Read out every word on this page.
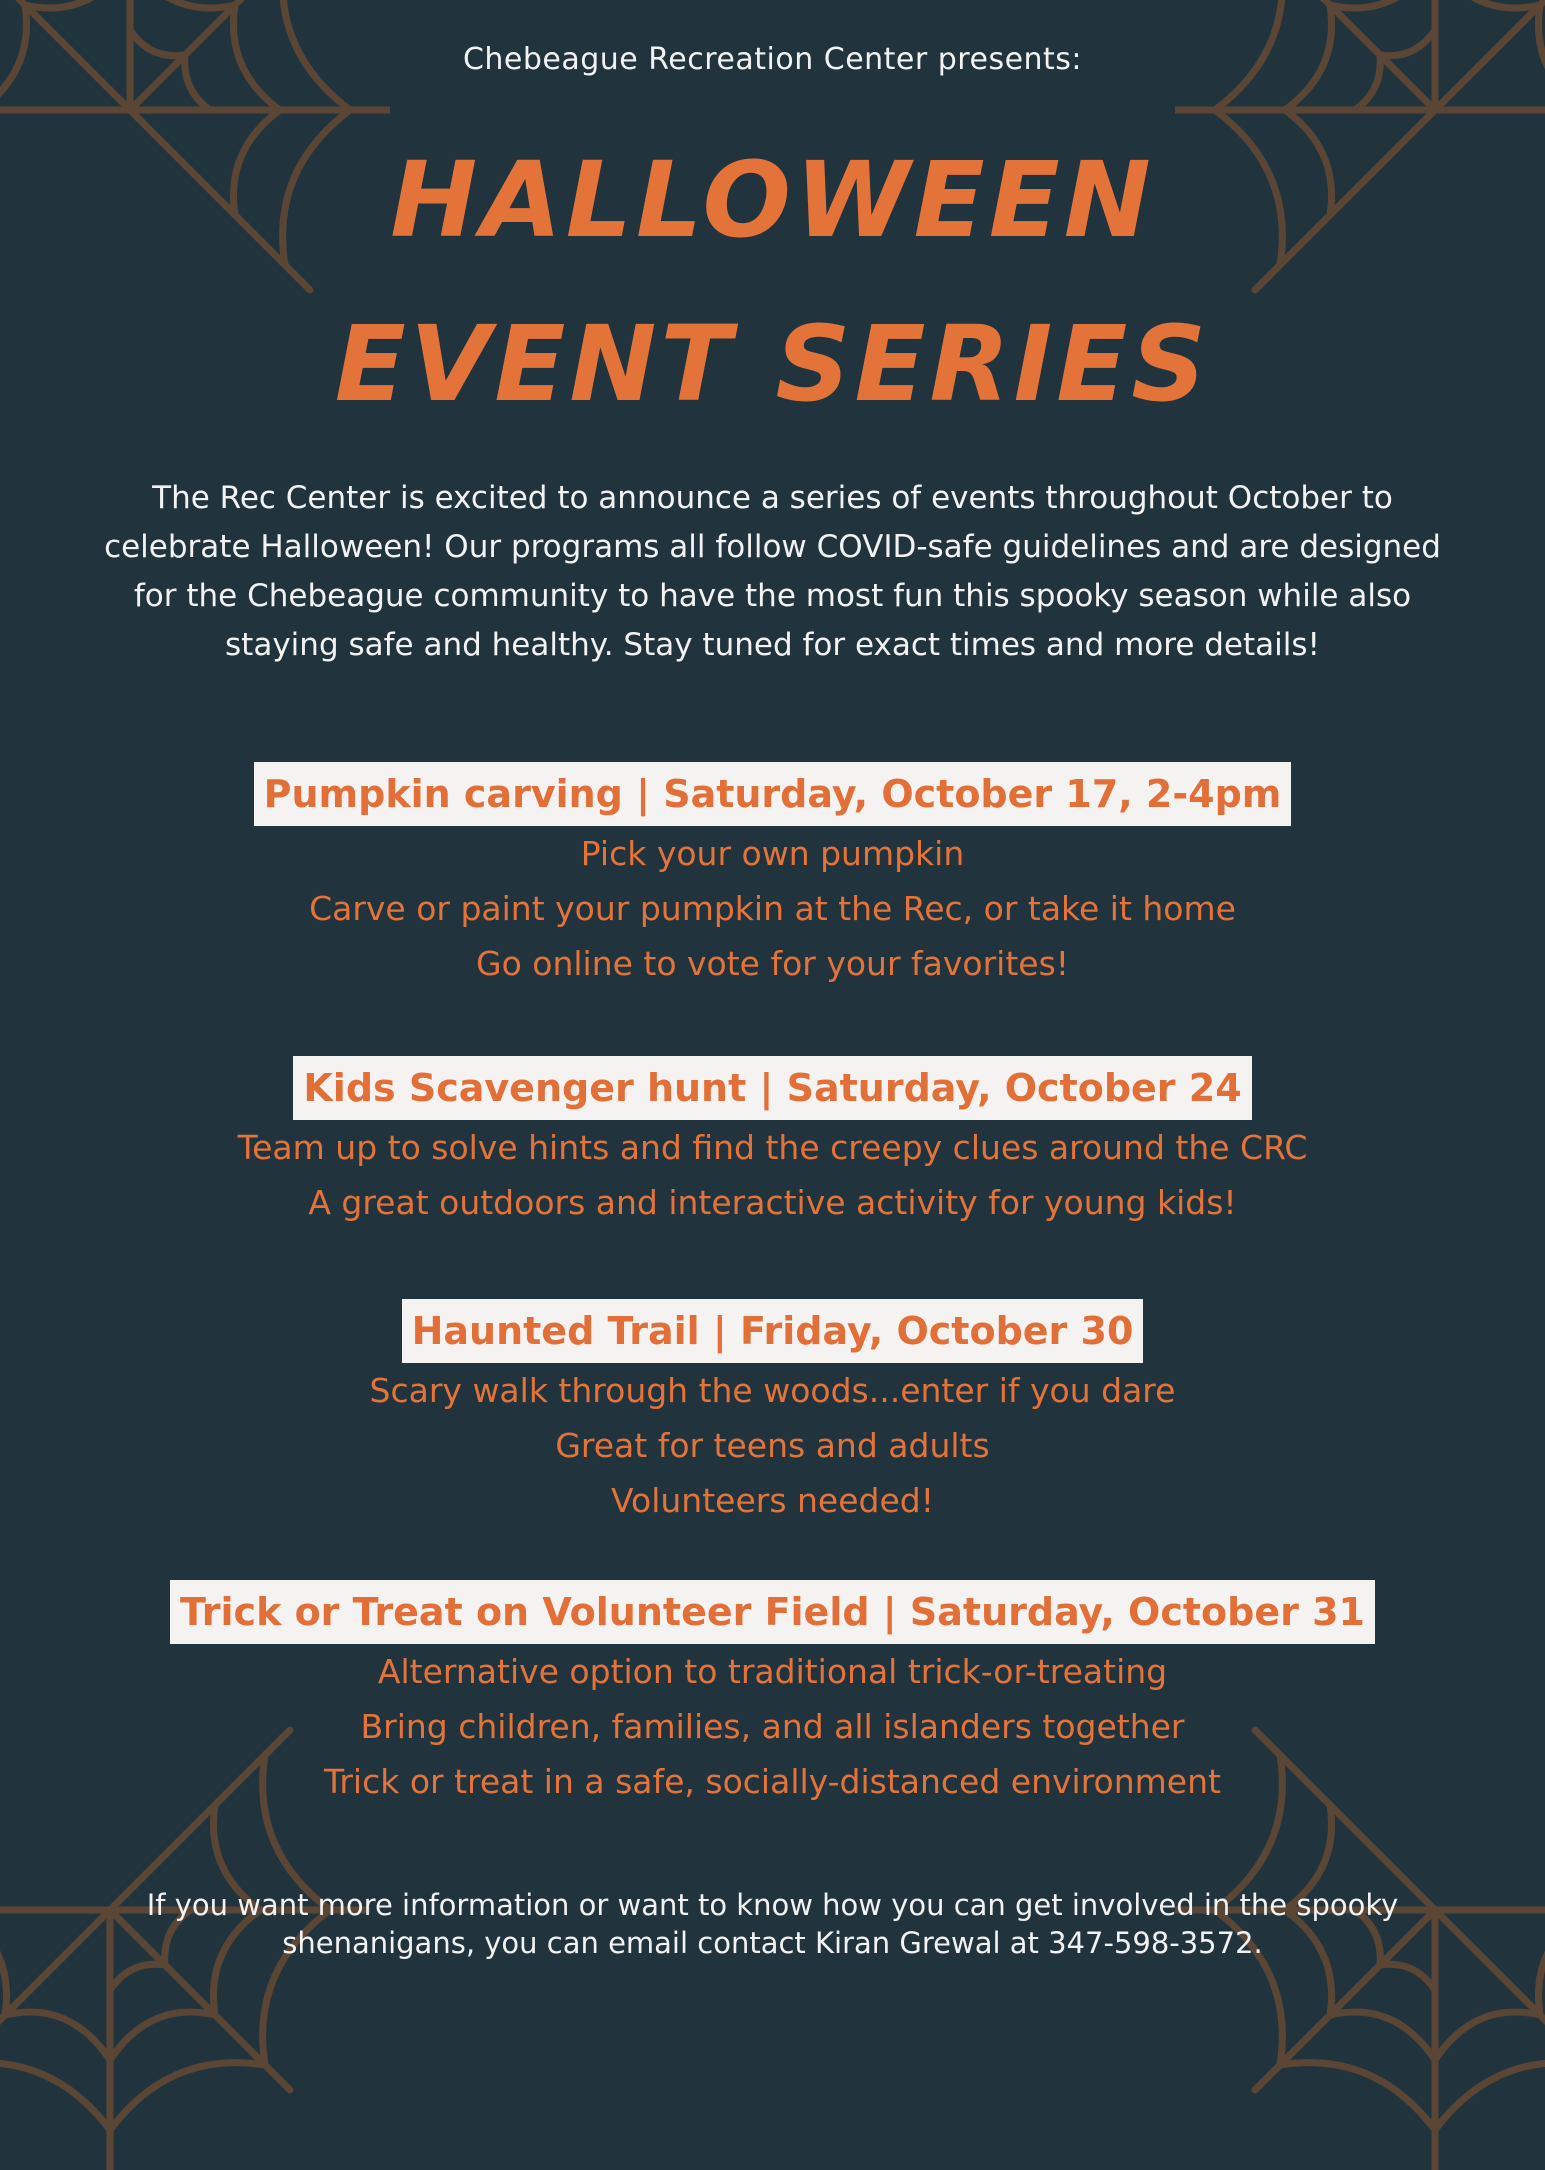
Chebeague Recreation Center presents:
HALLOWEEN
EVENT SERIES
The Rec Center is excited to announce a series of events throughout October to celebrate Halloween! Our programs all follow COVID-safe guidelines and are designed for the Chebeague community to have the most fun this spooky season while also staying safe and healthy. Stay tuned for exact times and more details!
Pumpkin carving | Saturday, October 17, 2-4pm
Pick your own pumpkin
Carve or paint your pumpkin at the Rec, or take it home
Go online to vote for your favorites!
Kids Scavenger hunt | Saturday, October 24
Team up to solve hints and find the creepy clues around the CRC
A great outdoors and interactive activity for young kids!
Haunted Trail | Friday, October 30
Scary walk through the woods...enter if you dare
Great for teens and adults
Volunteers needed!
Trick or Treat on Volunteer Field | Saturday, October 31
Alternative option to traditional trick-or-treating
Bring children, families, and all islanders together
Trick or treat in a safe, socially-distanced environment
If you want more information or want to know how you can get involved in the spooky shenanigans, you can email contact Kiran Grewal at 347-598-3572.
